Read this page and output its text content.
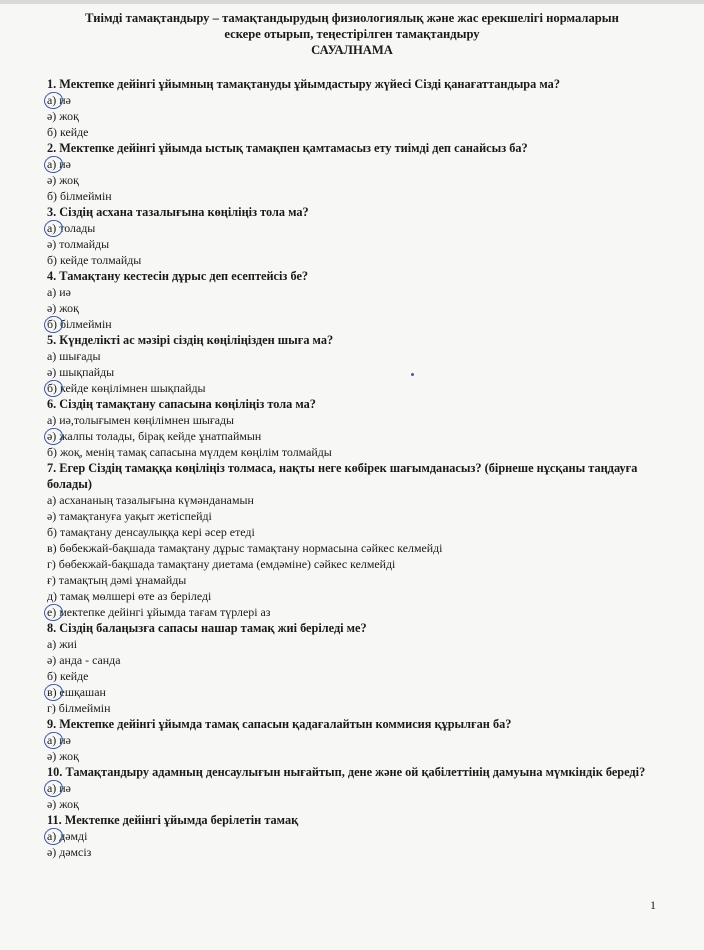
Тиімді тамақтандыру – тамақтандырудың физиологиялық және жас ерекшелігі нормаларын
ескере отырып, теңестірілген тамақтандыру
САУАЛНАМА
1. Мектепке дейінгі ұйымның тамақтануды ұйымдастыру жүйесі Сізді қанағаттандыра ма?
а) иә
ә) жоқ
б) кейде
2. Мектепке дейінгі ұйымда ыстық тамақпен қамтамасыз ету тиімді деп санайсыз ба?
а) иә
ә) жоқ
б) білмеймін
3. Сіздің асхана тазалығына көңіліңіз тола ма?
а) толады
ә) толмайды
б) кейде толмайды
4. Тамақтану кестесін дұрыс деп есептейсіз бе?
а) иә
ә) жоқ
б) білмеймін
5. Күнделікті ас мәзірі сіздің көңіліңізден шыға ма?
а) шығады
ә) шықпайды
б) кейде көңілімнен шықпайды
6. Сіздің тамақтану сапасына көңіліңіз тола ма?
а) иә,толығымен көңілімнен шығады
ә) жалпы толады, бірақ кейде ұнатпаймын
б) жоқ, менің тамақ сапасына мүлдем көңілім толмайды
7. Егер Сіздің тамаққа көңіліңіз толмаса, нақты неге көбірек шағымданасыз? (бірнеше нұсқаны таңдауға болады)
а) асхананың тазалығына күмәнданамын
ә) тамақтануға уақыт жетіспейді
б) тамақтану денсаулыққа кері әсер етеді
в) бөбекжай-бақшада тамақтану дұрыс тамақтану нормасына сәйкес келмейді
г) бөбекжай-бақшада тамақтану диетама (емдәміне) сәйкес келмейді
ғ) тамақтың дәмі ұнамайды
д) тамақ мөлшері өте аз беріледі
е) мектепке дейінгі ұйымда тағам түрлері аз
8. Сіздің балаңызға сапасы нашар тамақ жиі беріледі ме?
а) жиі
ә) анда - санда
б) кейде
в) ешқашан
г) білмеймін
9. Мектепке дейінгі ұйымда тамақ сапасын қадағалайтын коммисия құрылған ба?
а) иә
ә) жоқ
10. Тамақтандыру адамның денсаулығын нығайтып, дене және ой қабілеттінің дамуына мүмкіндік береді?
а) иә
ә) жоқ
11. Мектепке дейінгі ұйымда берілетін тамақ
а) дәмді
ә) дәмсіз
1
